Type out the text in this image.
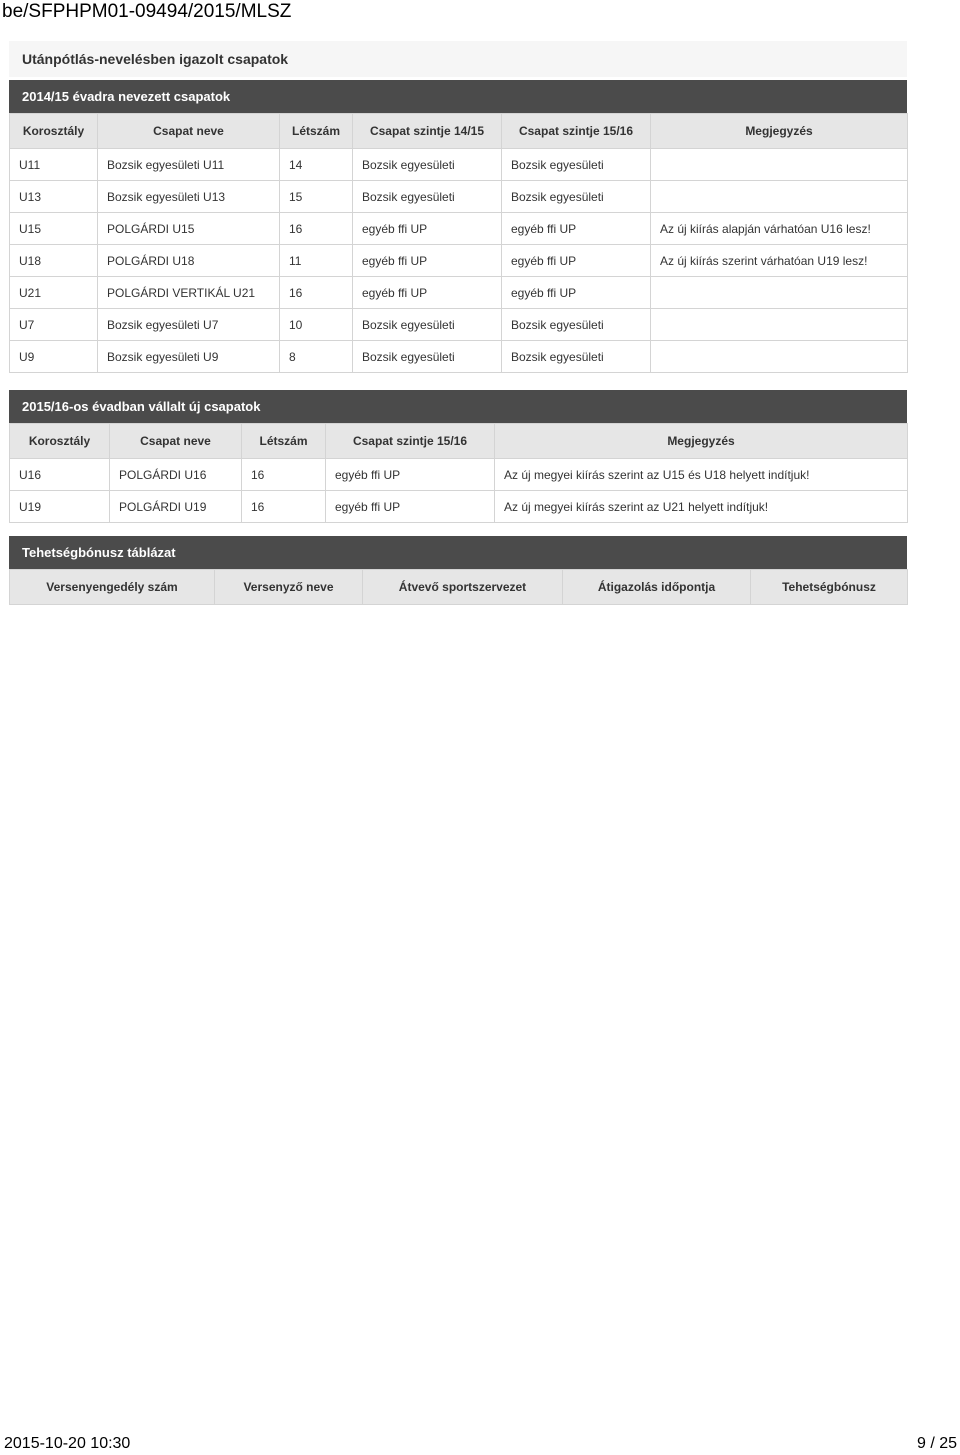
be/SFPHPM01-09494/2015/MLSZ
Utánpótlás-nevelésben igazolt csapatok
2014/15 évadra nevezett csapatok
Korosztály	Csapat neve	Létszám	Csapat szintje 14/15	Csapat szintje 15/16	Megjegyzés
U11	Bozsik egyesületi U11	14	Bozsik egyesületi	Bozsik egyesületi	
U13	Bozsik egyesületi U13	15	Bozsik egyesületi	Bozsik egyesületi	
U15	POLGÁRDI U15	16	egyéb ffi UP	egyéb ffi UP	Az új kiírás alapján várhatóan U16 lesz!
U18	POLGÁRDI U18	11	egyéb ffi UP	egyéb ffi UP	Az új kiírás szerint várhatóan U19 lesz!
U21	POLGÁRDI VERTIKÁL U21	16	egyéb ffi UP	egyéb ffi UP	
U7	Bozsik egyesületi U7	10	Bozsik egyesületi	Bozsik egyesületi	
U9	Bozsik egyesületi U9	8	Bozsik egyesületi	Bozsik egyesületi	
2015/16-os évadban vállalt új csapatok
Korosztály	Csapat neve	Létszám	Csapat szintje 15/16	Megjegyzés
U16	POLGÁRDI U16	16	egyéb ffi UP	Az új megyei kiírás szerint az U15 és U18 helyett indítjuk!
U19	POLGÁRDI U19	16	egyéb ffi UP	Az új megyei kiírás szerint az U21 helyett indítjuk!
Tehetségbónusz táblázat
Versenyengedély szám	Versenyző neve	Átvevő sportszervezet	Átigazolás időpontja	Tehetségbónusz
2015-10-20 10:30	9 / 25
